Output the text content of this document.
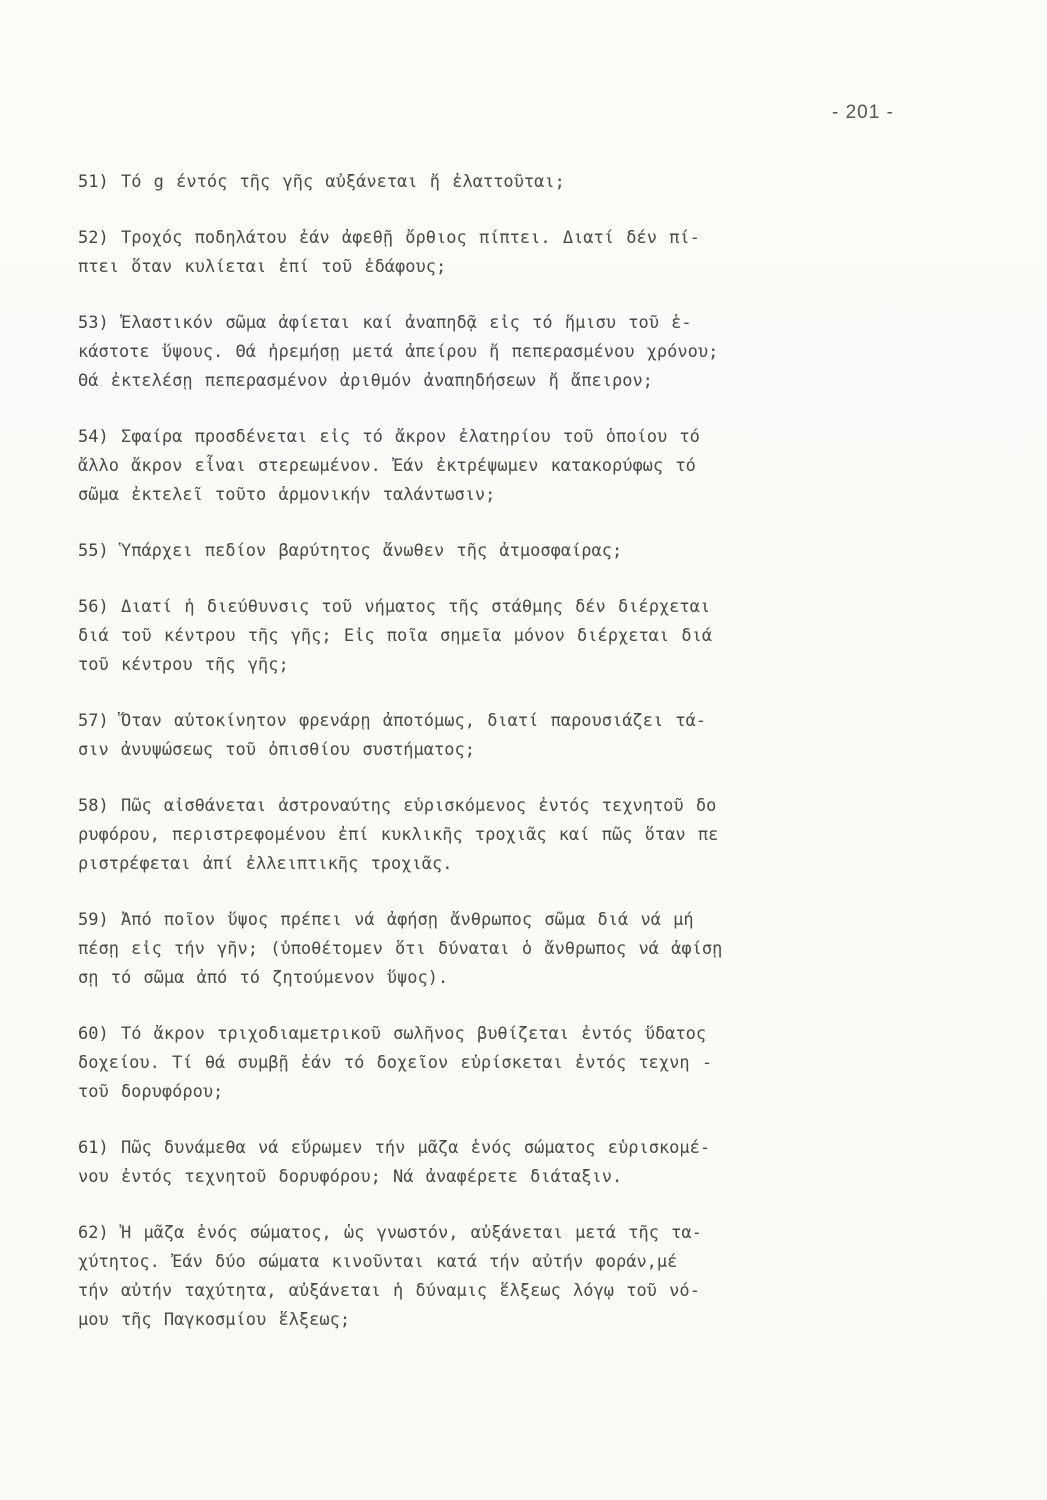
- 201 -
51) Τό g έντός τῆς γῆς αὐξάνεται ἤ ἐλαττοῦται;
52) Τροχός ποδηλάτου ἐάν ἀφεθῇ ὄρθιος πίπτει. Διατί δέν πί-
πτει ὅταν κυλίεται ἐπί τοῦ ἐδάφους;
53) Ἐλαστικόν σῶμα ἀφίεται καί ἀναπηδᾷ εἰς τό ἥμισυ τοῦ ἑ-
κάστοτε ὕψους. Θά ἠρεμήσῃ μετά ἀπείρου ἤ πεπερασμένου χρόνου;
Θά ἐκτελέσῃ πεπερασμένον ἀριθμόν ἀναπηδήσεων ἤ ἄπειρον;
54) Σφαίρα προσδένεται εἰς τό ἄκρον ἐλατηρίου τοῦ ὁποίου τό
ἄλλο ἄκρον εἶναι στερεωμένον. Ἐάν ἐκτρέψωμεν κατακορύφως τό
σῶμα ἐκτελεῖ τοῦτο ἁρμονικήν ταλάντωσιν;
55) Ὑπάρχει πεδίον βαρύτητος ἄνωθεν τῆς ἀτμοσφαίρας;
56) Διατί ἡ διεύθυνσις τοῦ νήματος τῆς στάθμης δέν διέρχεται
διά τοῦ κέντρου τῆς γῆς; Εἰς ποῖα σημεῖα μόνον διέρχεται διά
τοῦ κέντρου τῆς γῆς;
57) Ὅταν αὐτοκίνητον φρενάρῃ ἀποτόμως, διατί παρουσιάζει τά-
σιν ἀνυψώσεως τοῦ ὀπισθίου συστήματος;
58) Πῶς αἰσθάνεται ἀστροναύτης εὑρισκόμενος ἐντός τεχνητοῦ δο
ρυφόρου, περιστρεφομένου ἐπί κυκλικῆς τροχιᾶς καί πῶς ὅταν πε
ριστρέφεται ἀπί ἐλλειπτικῆς τροχιᾶς.
59) Ἀπό ποῖον ὕψος πρέπει νά ἀφήσῃ ἄνθρωπος σῶμα διά νά μή
πέσῃ εἰς τήν γῆν; (ὑποθέτομεν ὅτι δύναται ὁ ἄνθρωπος νά ἀφίσῃ
σῃ τό σῶμα ἀπό τό ζητούμενον ὕψος).
60) Τό ἄκρον τριχοδιαμετρικοῦ σωλῆνος βυθίζεται ἐντός ὕδατος
δοχείου. Τί θά συμβῇ ἐάν τό δοχεῖον εὑρίσκεται ἐντός τεχνη -
τοῦ δορυφόρου;
61) Πῶς δυνάμεθα νά εὕρωμεν τήν μᾶζα ἑνός σώματος εὑρισκομέ-
νου ἐντός τεχνητοῦ δορυφόρου; Νά ἀναφέρετε διάταξιν.
62) Ἡ μᾶζα ἑνός σώματος, ὡς γνωστόν, αὐξάνεται μετά τῆς τα-
χύτητος. Ἐάν δύο σώματα κινοῦνται κατά τήν αὐτήν φοράν,μέ
τήν αὐτήν ταχύτητα, αὐξάνεται ἡ δύναμις ἕλξεως λόγῳ τοῦ νό-
μου τῆς Παγκοσμίου ἕλξεως;
